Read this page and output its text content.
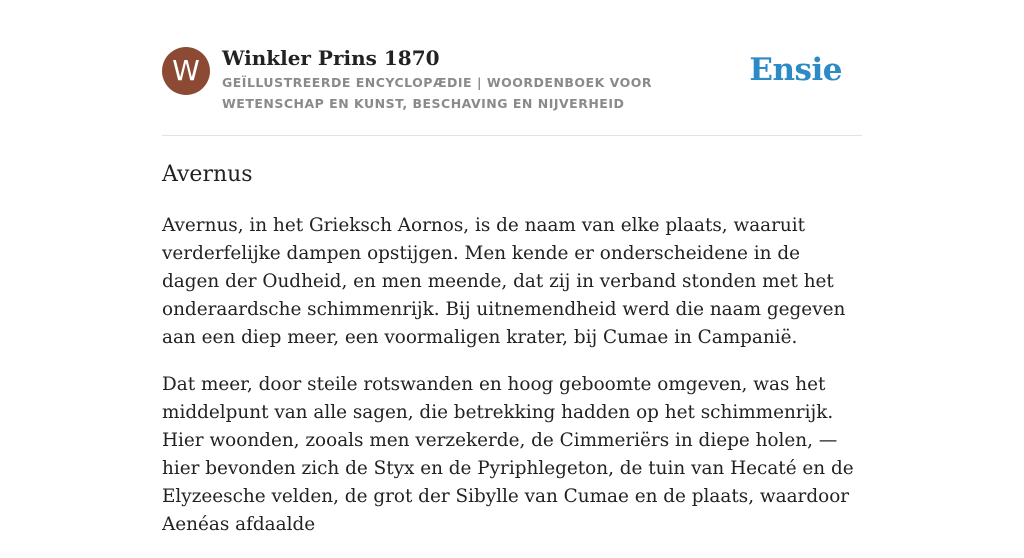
W	Winkler Prins 1870

GEÏLLUSTREERDE ENCYCLOPÆDIE | WOORDENBOEK VOOR WETENSCHAP EN KUNST, BESCHAVING EN NIJVERHEID

Ensie
Avernus

Avernus, in het Grieksch Aornos, is de naam van elke plaats, waaruit verderfelijke dampen opstijgen. Men kende er onderscheidene in de dagen der Oudheid, en men meende, dat zij in verband stonden met het onderaardsche schimmenrijk. Bij uitnemendheid werd die naam gegeven aan een diep meer, een voormaligen krater, bij Cumae in Campanië.

Dat meer, door steile rotswanden en hoog geboomte omgeven, was het middelpunt van alle sagen, die betrekking hadden op het schimmenrijk. Hier woonden, zooals men verzekerde, de Cimmeriërs in diepe holen, — hier bevonden zich de Styx en de Pyriphlegeton, de tuin van Hecaté en de Elyzeesche velden, de grot der Sibylle van Cumae en de plaats, waardoor Aenéas afdaalde
